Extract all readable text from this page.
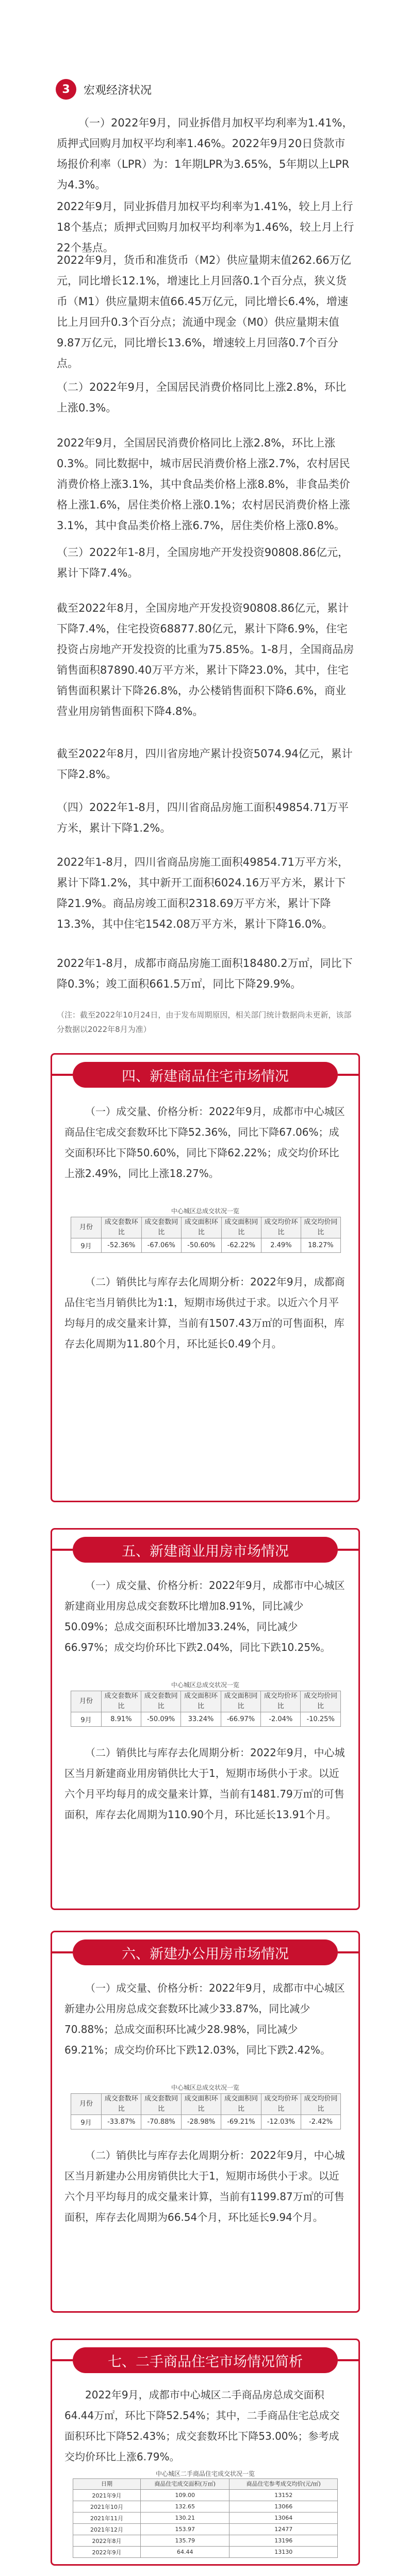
3	宏观经济状况

（一）2022年9月，同业拆借月加权平均利率为1.41%，质押式回购月加权平均利率1.46%。2022年9月20日贷款市场报价利率（LPR）为：1年期LPR为3.65%，5年期以上LPR为4.3%。

2022年9月，同业拆借月加权平均利率为1.41%，较上月上行18个基点；质押式回购月加权平均利率为1.46%，较上月上行22个基点。

2022年9月，货币和准货币（M2）供应量期末值262.66万亿元，同比增长12.1%，增速比上月回落0.1个百分点，狭义货币（M1）供应量期末值66.45万亿元，同比增长6.4%，增速比上月回升0.3个百分点；流通中现金（M0）供应量期末值9.87万亿元，同比增长13.6%，增速较上月回落0.7个百分点。

（二）2022年9月，全国居民消费价格同比上涨2.8%，环比上涨0.3%。

2022年9月，全国居民消费价格同比上涨2.8%，环比上涨0.3%。同比数据中，城市居民消费价格上涨2.7%，农村居民消费价格上涨3.1%，其中食品类价格上涨8.8%，非食品类价格上涨1.6%，居住类价格上涨0.1%；农村居民消费价格上涨3.1%，其中食品类价格上涨6.7%，居住类价格上涨0.8%。

（三）2022年1-8月，全国房地产开发投资90808.86亿元，累计下降7.4%。

截至2022年8月，全国房地产开发投资90808.86亿元，累计下降7.4%，住宅投资68877.80亿元，累计下降6.9%，住宅投资占房地产开发投资的比重为75.85%。1-8月，全国商品房销售面积87890.40万平方米，累计下降23.0%，其中，住宅销售面积累计下降26.8%，办公楼销售面积下降6.6%，商业营业用房销售面积下降4.8%。

截至2022年8月，四川省房地产累计投资5074.94亿元，累计下降2.8%。

（四）2022年1-8月，四川省商品房施工面积49854.71万平方米，累计下降1.2%。

2022年1-8月，四川省商品房施工面积49854.71万平方米，累计下降1.2%，其中新开工面积6024.16万平方米，累计下降21.9%。商品房竣工面积2318.69万平方米，累计下降13.3%，其中住宅1542.08万平方米，累计下降16.0%。

2022年1-8月，成都市商品房施工面积18480.2万㎡，同比下降0.3%；竣工面积661.5万㎡，同比下降29.9%。

（注：截至2022年10月24日，由于发布周期原因，相关部门统计数据尚未更新，该部分数据以2022年8月为准）

四、新建商品住宅市场情况

（一）成交量、价格分析：2022年9月，成都市中心城区商品住宅成交套数环比下降52.36%，同比下降67.06%；成交面积环比下降50.60%，同比下降62.22%；成交均价环比上涨2.49%，同比上涨18.27%。

中心城区总成交状况一览
月份	成交套数环比	成交套数同比	成交面积环比	成交面积同比	成交均价环比	成交均价同比
9月	-52.36%	-67.06%	-50.60%	-62.22%	2.49%	18.27%

（二）销供比与库存去化周期分析：2022年9月，成都商品住宅当月销供比为1:1，短期市场供过于求。以近六个月平均每月的成交量来计算，当前有1507.43万㎡的可售面积，库存去化周期为11.80个月，环比延长0.49个月。

五、新建商业用房市场情况

（一）成交量、价格分析：2022年9月，成都市中心城区新建商业用房总成交套数环比增加8.91%，同比减少50.09%；总成交面积环比增加33.24%，同比减少66.97%；成交均价环比下跌2.04%，同比下跌10.25%。

中心城区总成交状况一览
月份	成交套数环比	成交套数同比	成交面积环比	成交面积同比	成交均价环比	成交均价同比
9月	8.91%	-50.09%	33.24%	-66.97%	-2.04%	-10.25%

（二）销供比与库存去化周期分析：2022年9月，中心城区当月新建商业用房销供比大于1，短期市场供小于求。以近六个月平均每月的成交量来计算，当前有1481.79万㎡的可售面积，库存去化周期为110.90个月，环比延长13.91个月。

六、新建办公用房市场情况

（一）成交量、价格分析：2022年9月，成都市中心城区新建办公用房总成交套数环比减少33.87%，同比减少70.88%；总成交面积环比减少28.98%，同比减少69.21%；成交均价环比下跌12.03%，同比下跌2.42%。

中心城区总成交状况一览
月份	成交套数环比	成交套数同比	成交面积环比	成交面积同比	成交均价环比	成交均价同比
9月	-33.87%	-70.88%	-28.98%	-69.21%	-12.03%	-2.42%

（二）销供比与库存去化周期分析：2022年9月，中心城区当月新建办公用房销供比大于1，短期市场供小于求。以近六个月平均每月的成交量来计算，当前有1199.87万㎡的可售面积，库存去化周期为66.54个月，环比延长9.94个月。

七、二手商品住宅市场情况简析

2022年9月，成都市中心城区二手商品房总成交面积64.44万㎡，环比下降52.54%；其中，二手商品住宅总成交面积环比下降52.43%；成交套数环比下降53.00%；参考成交均价环比上涨6.79%。

中心城区二手商品住宅成交状况一览
日期	商品住宅成交面积(万㎡)	商品住宅参考成交均价(元/㎡)
2021年9月	109.00	13152
2021年10月	132.65	13066
2021年11月	130.21	13064
2021年12月	153.97	12477
2022年8月	135.79	13196
2022年9月	64.44	13130
